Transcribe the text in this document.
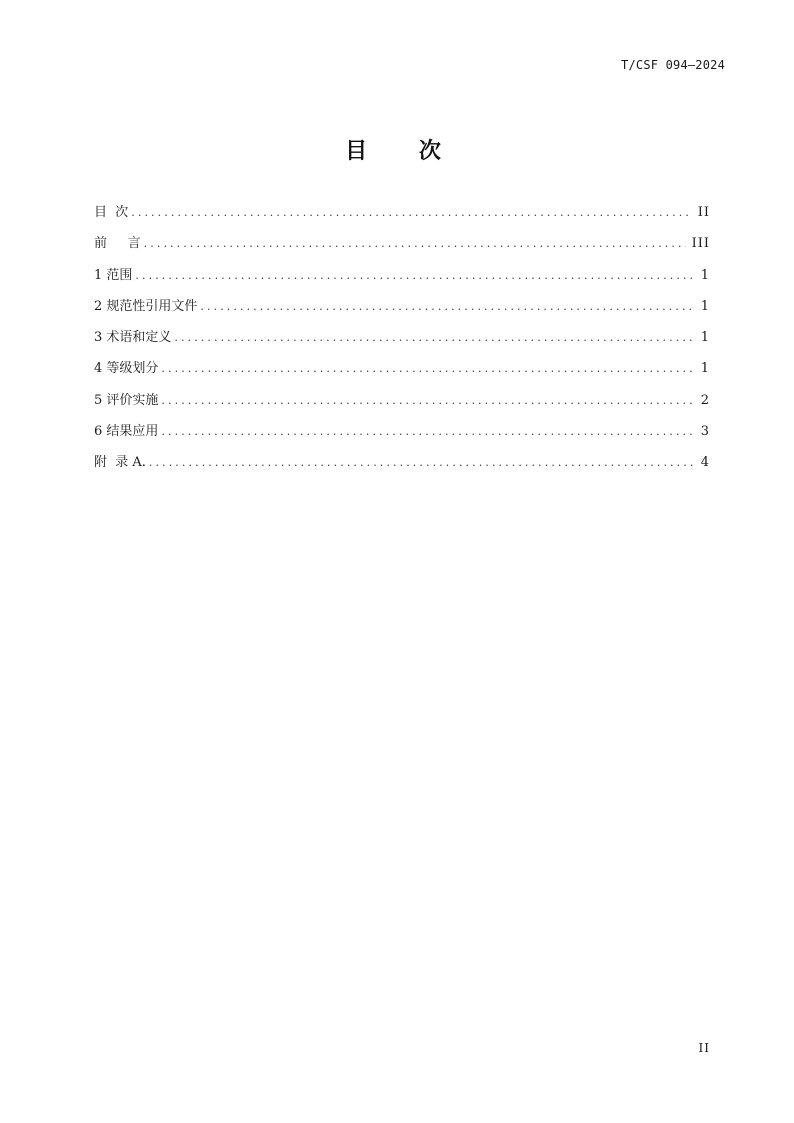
T/CSF 094—2024
目 次
目  次 .....	II
前     言 .....	III
1 范围 .....	1
2 规范性引用文件 .....	1
3 术语和定义 .....	1
4 等级划分 .....	1
5 评价实施 .....	2
6 结果应用 .....	3
附  录 A. .....	4
II
